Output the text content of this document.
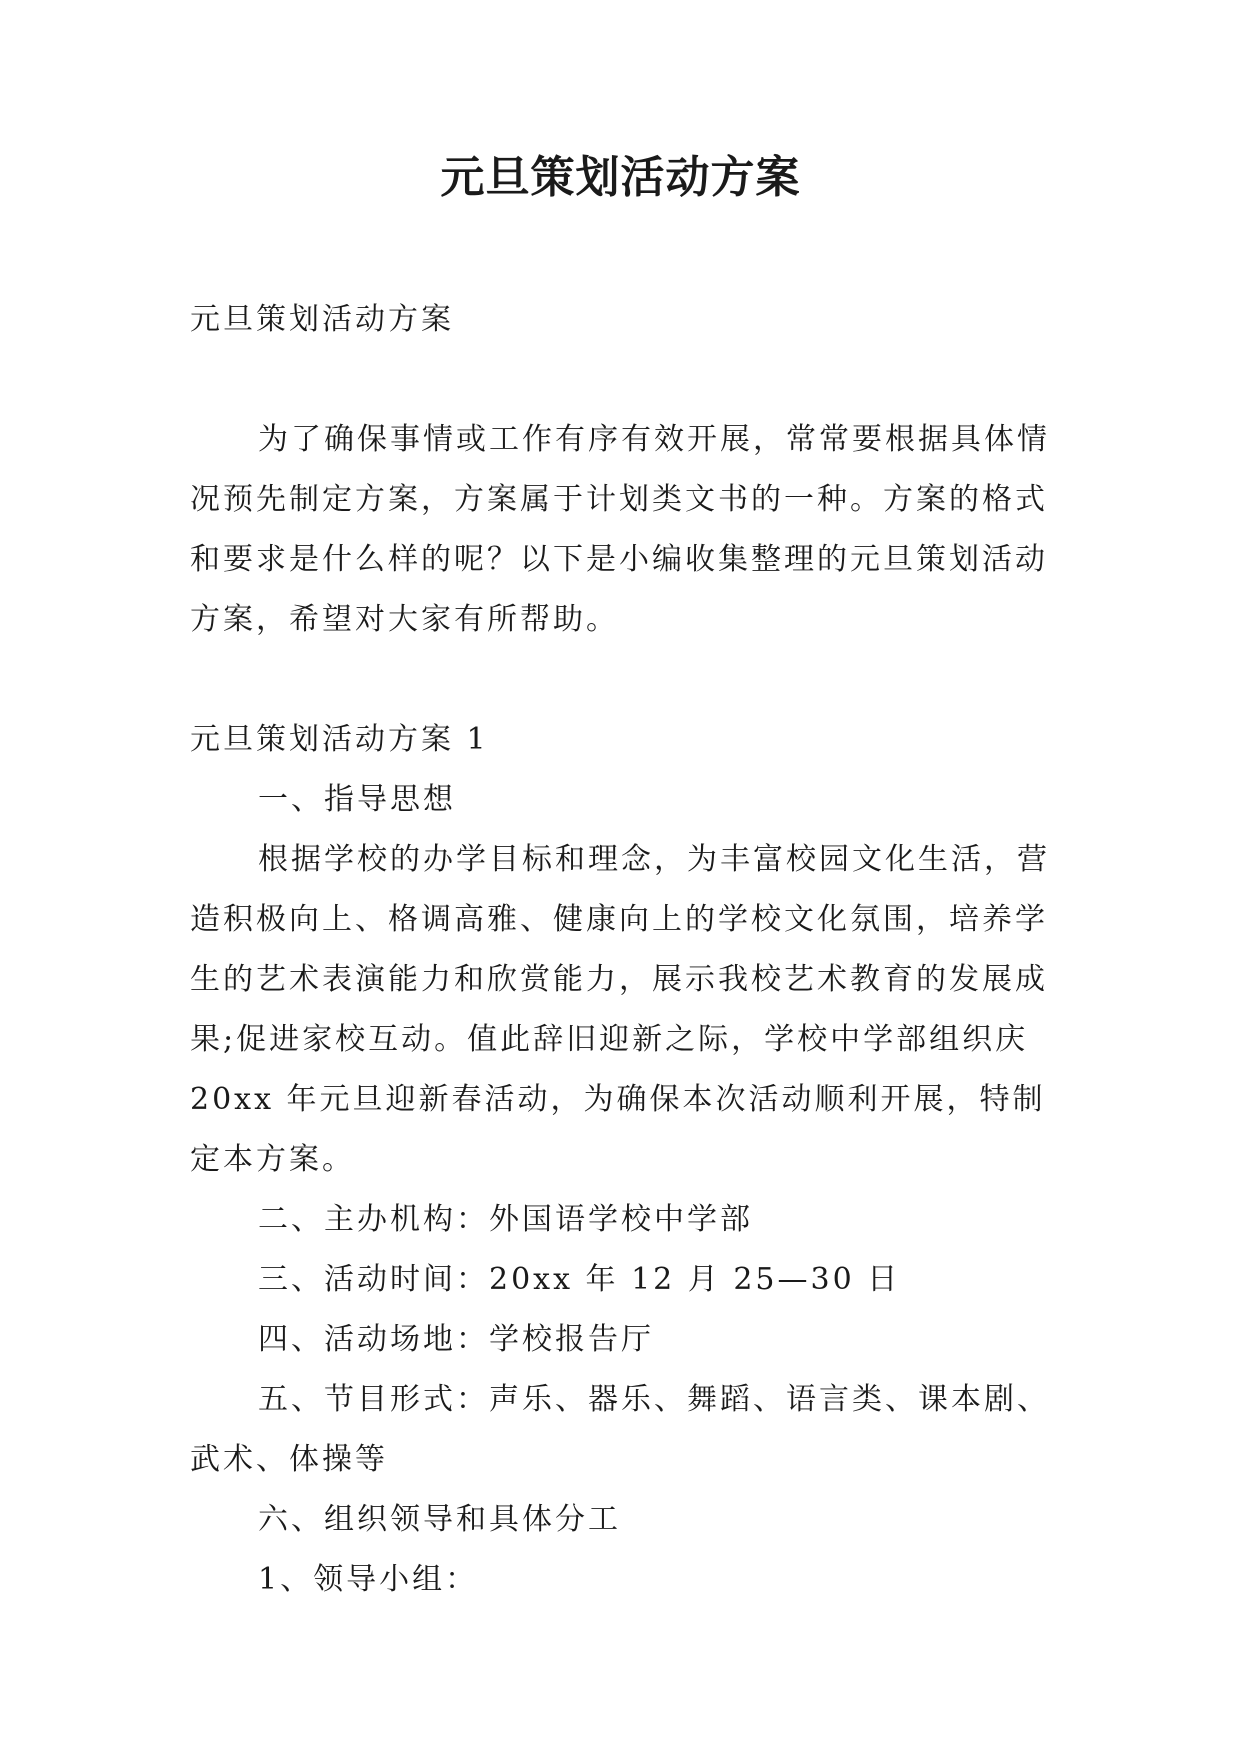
元旦策划活动方案

元旦策划活动方案

为了确保事情或工作有序有效开展，常常要根据具体情况预先制定方案，方案属于计划类文书的一种。方案的格式和要求是什么样的呢？以下是小编收集整理的元旦策划活动方案，希望对大家有所帮助。

元旦策划活动方案 1

一、指导思想

根据学校的办学目标和理念，为丰富校园文化生活，营造积极向上、格调高雅、健康向上的学校文化氛围，培养学生的艺术表演能力和欣赏能力，展示我校艺术教育的发展成果;促进家校互动。值此辞旧迎新之际，学校中学部组织庆 20xx 年元旦迎新春活动，为确保本次活动顺利开展，特制定本方案。

二、主办机构：外国语学校中学部

三、活动时间：20xx 年 12 月 25—30 日

四、活动场地：学校报告厅

五、节目形式：声乐、器乐、舞蹈、语言类、课本剧、武术、体操等

六、组织领导和具体分工

1、领导小组：
